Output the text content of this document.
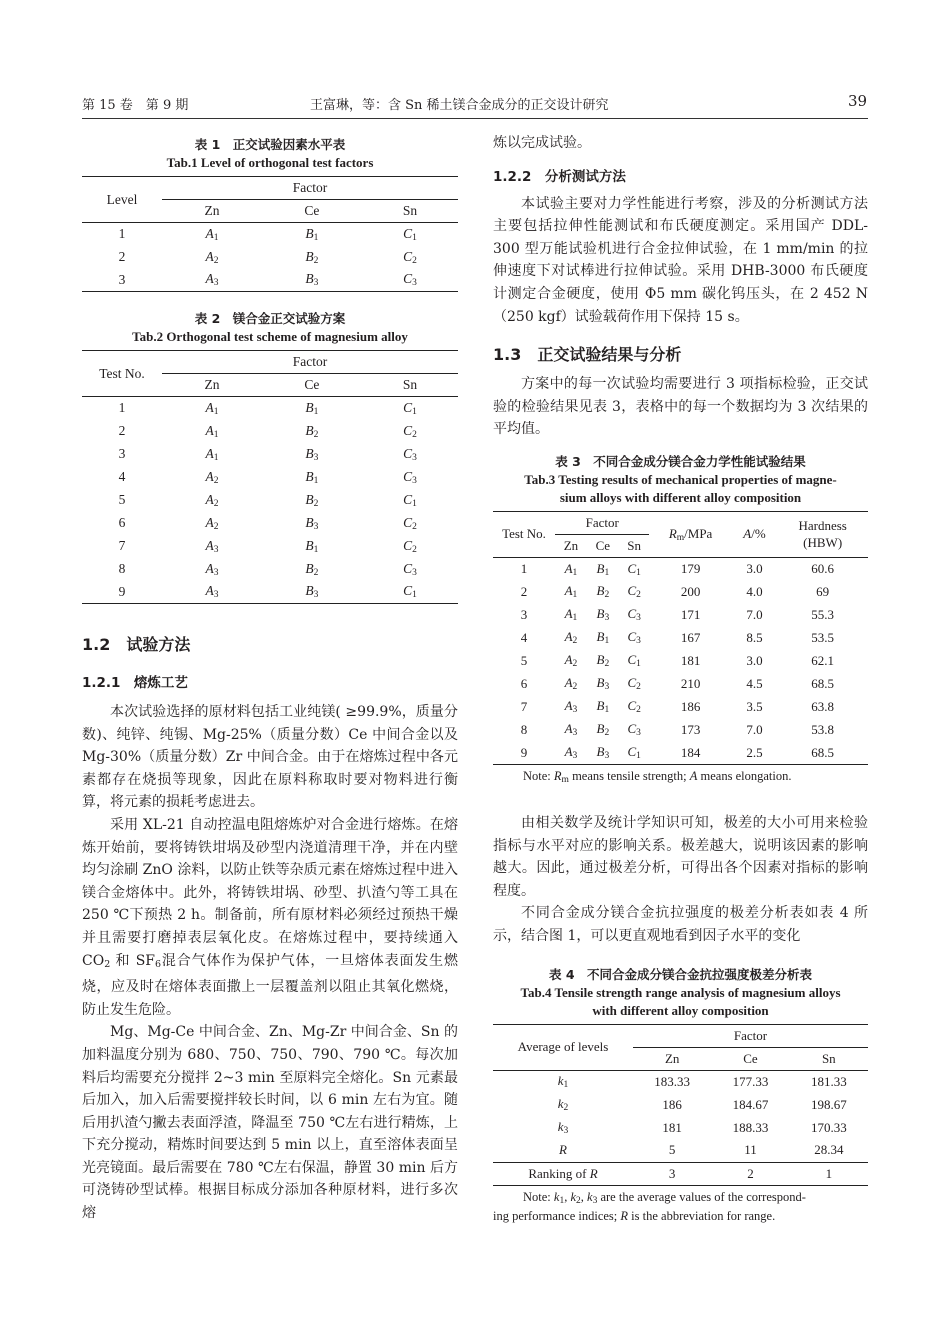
第 15 卷　第 9 期	王富琳，等：含 Sn 稀土镁合金成分的正交设计研究	39
表 1　正交试验因素水平表
Tab.1 Level of orthogonal test factors
Level	Factor		
	Zn	Ce	Sn
1	$A_1$	$B_1$	$C_1$
2	$A_2$	$B_2$	$C_2$
3	$A_3$	$B_3$	$C_3$
表 2　镁合金正交试验方案
Tab.2 Orthogonal test scheme of magnesium alloy
Test No.	Factor		
	Zn	Ce	Sn
1	$A_1$	$B_1$	$C_1$
2	$A_1$	$B_2$	$C_2$
3	$A_1$	$B_3$	$C_3$
4	$A_2$	$B_1$	$C_3$
5	$A_2$	$B_2$	$C_1$
6	$A_2$	$B_3$	$C_2$
7	$A_3$	$B_1$	$C_2$
8	$A_3$	$B_2$	$C_3$
9	$A_3$	$B_3$	$C_1$
1.2　试验方法
1.2.1　熔炼工艺

本次试验选择的原材料包括工业纯镁( ≥99.9%，质量分数)、纯锌、纯锡、Mg-25%（质量分数）Ce 中间合金以及 Mg-30%（质量分数）Zr 中间合金。由于在熔炼过程中各元素都存在烧损等现象，因此在原料称取时要对物料进行衡算，将元素的损耗考虑进去。

采用 XL-21 自动控温电阻熔炼炉对合金进行熔炼。在熔炼开始前，要将铸铁坩埚及砂型内浇道清理干净，并在内壁均匀涂刷 ZnO 涂料，以防止铁等杂质元素在熔炼过程中进入镁合金熔体中。此外，将铸铁坩埚、砂型、扒渣勺等工具在 250 ℃下预热 2 h。制备前，所有原材料必须经过预热干燥并且需要打磨掉表层氧化皮。在熔炼过程中，要持续通入 $CO_2$ 和 $SF_6$混合气体作为保护气体，一旦熔体表面发生燃烧，应及时在熔体表面撒上一层覆盖剂以阻止其氧化燃烧，防止发生危险。

Mg、Mg-Ce 中间合金、Zn、Mg-Zr 中间合金、Sn 的加料温度分别为 680、750、750、790、790 ℃。每次加料后均需要充分搅拌 2~3 min 至原料完全熔化。Sn 元素最后加入，加入后需要搅拌较长时间，以 6 min 左右为宜。随后用扒渣勺撇去表面浮渣，降温至 750 ℃左右进行精炼，上下充分搅动，精炼时间要达到 5 min 以上，直至溶体表面呈光亮镜面。最后需要在 780 ℃左右保温，静置 30 min 后方可浇铸砂型试棒。根据目标成分添加各种原材料，进行多次熔

炼以完成试验。

1.2.2　分析测试方法

本试验主要对力学性能进行考察，涉及的分析测试方法主要包括拉伸性能测试和布氏硬度测定。采用国产 DDL-300 型万能试验机进行合金拉伸试验，在 1 mm/min 的拉伸速度下对试棒进行拉伸试验。采用 DHB-3000 布氏硬度计测定合金硬度，使用 Φ5 mm 碳化钨压头，在 2 452 N（250 kgf）试验载荷作用下保持 15 s。

1.3　正交试验结果与分析

方案中的每一次试验均需要进行 3 项指标检验，正交试验的检验结果见表 3，表格中的每一个数据均为 3 次结果的平均值。

表 3　不同合金成分镁合金力学性能试验结果
Tab.3 Testing results of mechanical properties of magne-
sium alloys with different alloy composition
Test No.	Factor			$R_m$/MPa	A/%	Hardness
(HBW)
	Zn	Ce	Sn			
1	$A_1$	$B_1$	$C_1$	179	3.0	60.6
2	$A_1$	$B_2$	$C_2$	200	4.0	69
3	$A_1$	$B_3$	$C_3$	171	7.0	55.3
4	$A_2$	$B_1$	$C_3$	167	8.5	53.5
5	$A_2$	$B_2$	$C_1$	181	3.0	62.1
6	$A_2$	$B_3$	$C_2$	210	4.5	68.5
7	$A_3$	$B_1$	$C_2$	186	3.5	63.8
8	$A_3$	$B_2$	$C_3$	173	7.0	53.8
9	$A_3$	$B_3$	$C_1$	184	2.5	68.5
Note: $R_m$ means tensile strength; A means elongation.

由相关数学及统计学知识可知，极差的大小可用来检验指标与水平对应的影响关系。极差越大，说明该因素的影响越大。因此，通过极差分析，可得出各个因素对指标的影响程度。

不同合金成分镁合金抗拉强度的极差分析表如表 4 所示，结合图 1，可以更直观地看到因子水平的变化

表 4　不同合金成分镁合金抗拉强度极差分析表
Tab.4 Tensile strength range analysis of magnesium alloys
with different alloy composition
Average of levels	Factor		
	Zn	Ce	Sn
$k_1$	183.33	177.33	181.33
$k_2$	186	184.67	198.67
$k_3$	181	188.33	170.33
R	5	11	28.34
Ranking of R	3	2	1
Note: $k_1$, $k_2$, $k_3$ are the average values of the correspond-
ing performance indices; R is the abbreviation for range.
